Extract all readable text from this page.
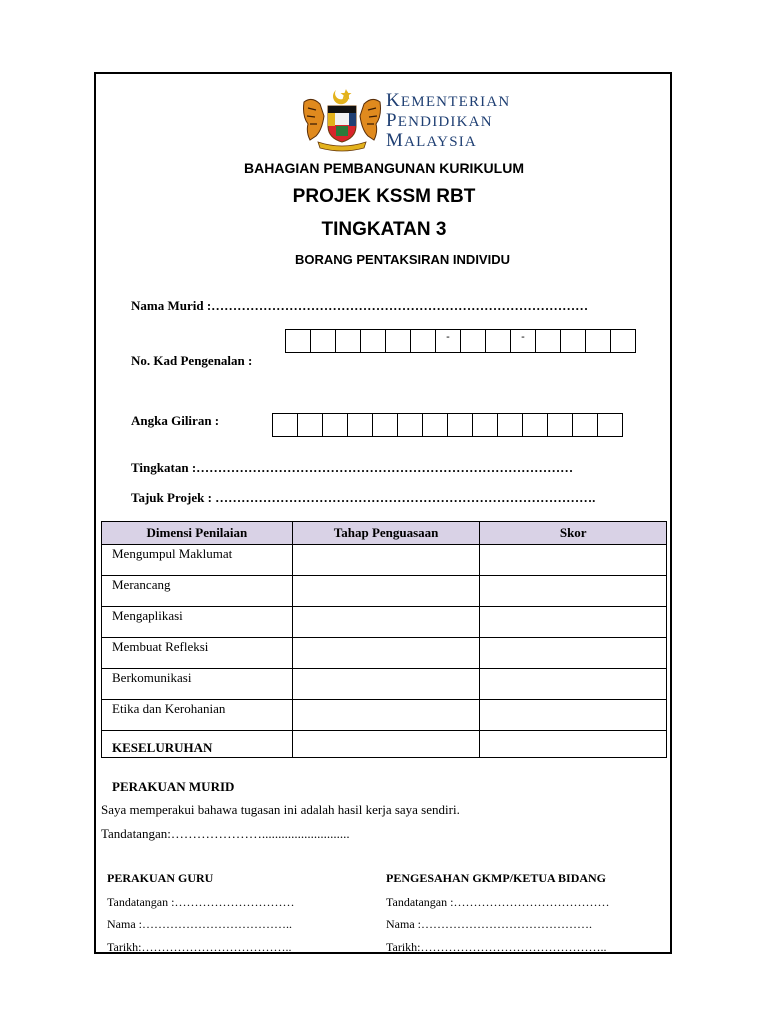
KEMENTERIAN
PENDIDIKAN
MALAYSIA
BAHAGIAN PEMBANGUNAN KURIKULUM
PROJEK KSSM RBT
TINGKATAN 3
BORANG PENTAKSIRAN INDIVIDU
Nama Murid :……………………………………………………………………………
-	-
No. Kad Pengenalan :
Angka Giliran :
Tingkatan :……………………………………………………………………………
Tajuk Projek : …………………………………………………………………………….
Dimensi Penilaian	Tahap Penguasaan	Skor
Mengumpul Maklumat		
Merancang		
Mengaplikasi		
Membuat Refleksi		
Berkomunikasi		
Etika dan Kerohanian		
KESELURUHAN		
PERAKUAN MURID
Saya memperakui bahawa tugasan ini adalah hasil kerja saya sendiri.
Tandatangan:…………………...........................
PERAKUAN GURU
Tandatangan :…………………………
Nama :………………………………..
Tarikh:………………………………..
PENGESAHAN GKMP/KETUA BIDANG
Tandatangan :…………………………………
Nama :…………………………………….
Tarikh:………………………………………..
